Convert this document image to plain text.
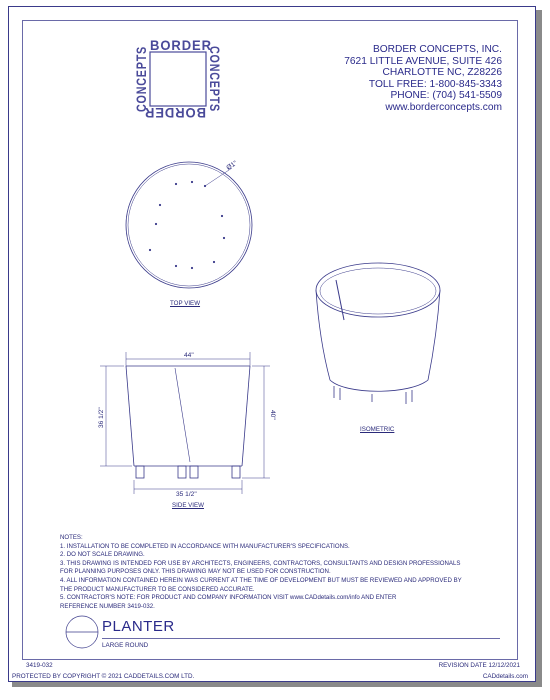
BORDER
CONCEPTS
BORDER
CONCEPTS
Ø1"
44"
36 1/2"	40"
35 1/2"
BORDER CONCEPTS, INC.
7621 LITTLE AVENUE, SUITE 426
CHARLOTTE NC, Z28226
TOLL FREE: 1-800-845-3343
PHONE: (704) 541-5509
www.borderconcepts.com
TOP VIEW
SIDE VIEW
ISOMETRIC
NOTES:
1. INSTALLATION TO BE COMPLETED IN ACCORDANCE WITH MANUFACTURER'S SPECIFICATIONS.
2. DO NOT SCALE DRAWING.
3. THIS DRAWING IS INTENDED FOR USE BY ARCHITECTS, ENGINEERS, CONTRACTORS, CONSULTANTS AND DESIGN PROFESSIONALS
FOR PLANNING PURPOSES ONLY. THIS DRAWING MAY NOT BE USED FOR CONSTRUCTION.
4. ALL INFORMATION CONTAINED HEREIN WAS CURRENT AT THE TIME OF DEVELOPMENT BUT MUST BE REVIEWED AND APPROVED BY
THE PRODUCT MANUFACTURER TO BE CONSIDERED ACCURATE.
5. CONTRACTOR'S NOTE: FOR PRODUCT AND COMPANY INFORMATION VISIT www.CADdetails.com/info AND ENTER
REFERENCE NUMBER 3419-032.
PLANTER
LARGE ROUND
3419-032	REVISION DATE 12/12/2021
PROTECTED BY COPYRIGHT © 2021 CADDETAILS.COM LTD.	CADdetails.com
